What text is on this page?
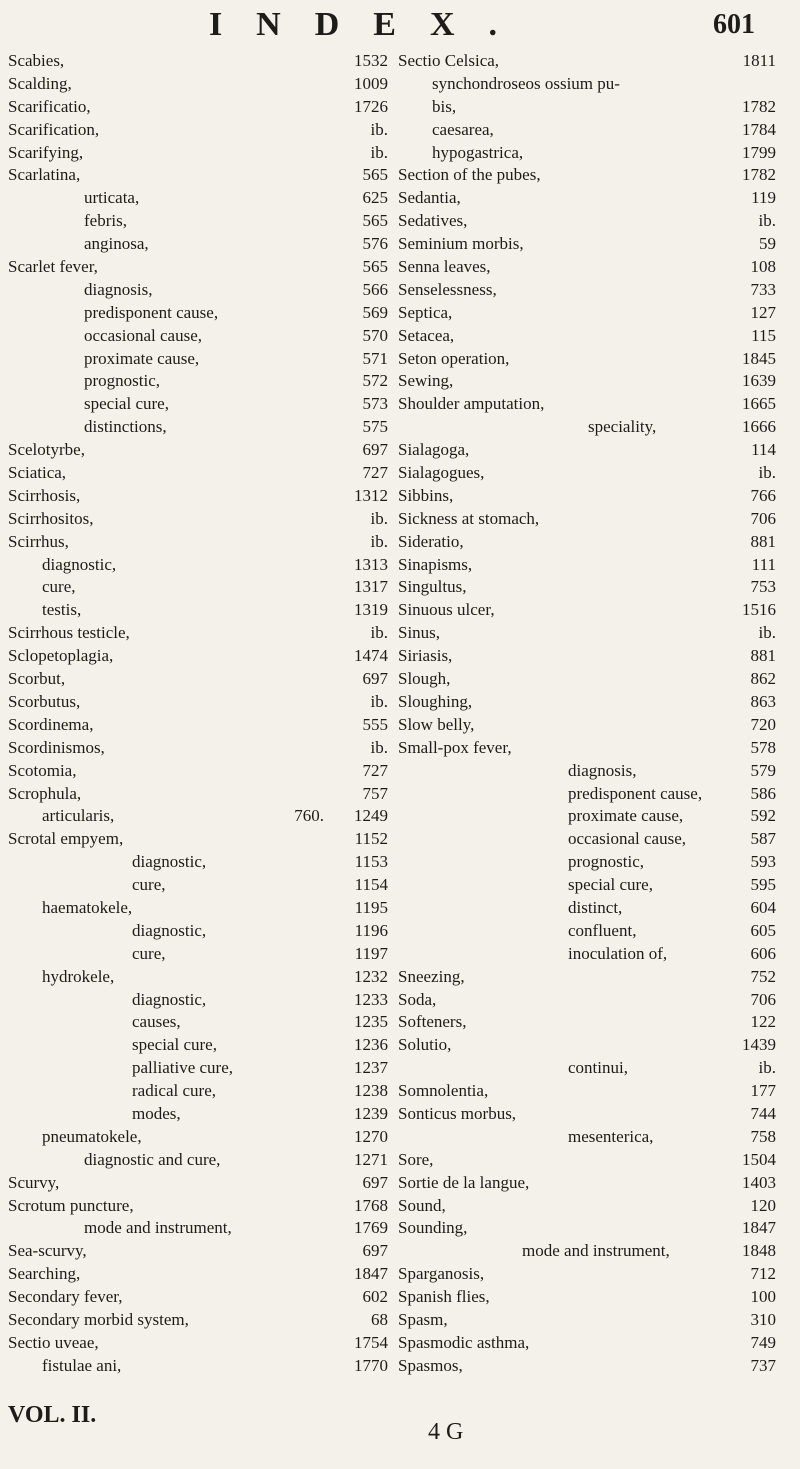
INDEX.	601
Scabies,	1532
Scalding,	1009
Scarificatio,	1726
Scarification,	ib.
Scarifying,	ib.
Scarlatina,	565
urticata,	625
febris,	565
anginosa,	576
Scarlet fever,	565
diagnosis,	566
predisponent cause,	569
occasional cause,	570
proximate cause,	571
prognostic,	572
special cure,	573
distinctions,	575
Scelotyrbe,	697
Sciatica,	727
Scirrhosis,	1312
Scirrhositos,	ib.
Scirrhus,	ib.
diagnostic,	1313
cure,	1317
testis,	1319
Scirrhous testicle,	ib.
Sclopetoplagia,	1474
Scorbut,	697
Scorbutus,	ib.
Scordinema,	555
Scordinismos,	ib.
Scotomia,	727
Scrophula,	757
articularis,	760. 1249
Scrotal empyem,	1152
diagnostic,	1153
cure,	1154
haematokele,	1195
diagnostic,	1196
cure,	1197
hydrokele,	1232
diagnostic,	1233
causes,	1235
special cure,	1236
palliative cure,	1237
radical cure,	1238
modes,	1239
pneumatokele,	1270
diagnostic and cure,	1271
Scurvy,	697
Scrotum puncture,	1768
mode and instrument,	1769
Sea-scurvy,	697
Searching,	1847
Secondary fever,	602
Secondary morbid system,	68
Sectio uveae,	1754
fistulae ani,	1770
Sectio Celsica,	1811
synchondroseos ossium pu-
bis,	1782
caesarea,	1784
hypogastrica,	1799
Section of the pubes,	1782
Sedantia,	119
Sedatives,	ib.
Seminium morbis,	59
Senna leaves,	108
Senselessness,	733
Septica,	127
Setacea,	115
Seton operation,	1845
Sewing,	1639
Shoulder amputation,	1665
speciality,	1666
Sialagoga,	114
Sialagogues,	ib.
Sibbins,	766
Sickness at stomach,	706
Sideratio,	881
Sinapisms,	111
Singultus,	753
Sinuous ulcer,	1516
Sinus,	ib.
Siriasis,	881
Slough,	862
Sloughing,	863
Slow belly,	720
Small-pox fever,	578
diagnosis,	579
predisponent cause,	586
proximate cause,	592
occasional cause,	587
prognostic,	593
special cure,	595
distinct,	604
confluent,	605
inoculation of,	606
Sneezing,	752
Soda,	706
Softeners,	122
Solutio,	1439
continui,	ib.
Somnolentia,	177
Sonticus morbus,	744
mesenterica,	758
Sore,	1504
Sortie de la langue,	1403
Sound,	120
Sounding,	1847
mode and instrument,	1848
Sparganosis,	712
Spanish flies,	100
Spasm,	310
Spasmodic asthma,	749
Spasmos,	737
VOL. II.
4 G
